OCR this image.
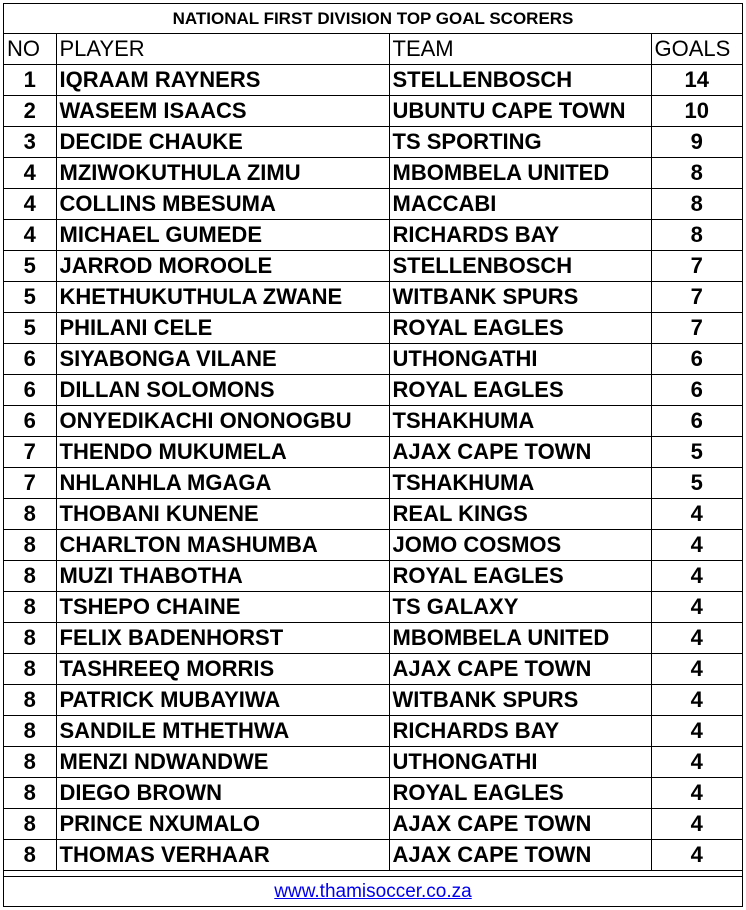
NATIONAL FIRST DIVISION TOP GOAL SCORERS
NO	PLAYER	TEAM	GOALS
1	IQRAAM RAYNERS	STELLENBOSCH	14
2	WASEEM ISAACS	UBUNTU CAPE TOWN	10
3	DECIDE CHAUKE	TS SPORTING	9
4	MZIWOKUTHULA ZIMU	MBOMBELA UNITED	8
4	COLLINS MBESUMA	MACCABI	8
4	MICHAEL GUMEDE	RICHARDS BAY	8
5	JARROD MOROOLE	STELLENBOSCH	7
5	KHETHUKUTHULA ZWANE	WITBANK SPURS	7
5	PHILANI CELE	ROYAL EAGLES	7
6	SIYABONGA VILANE	UTHONGATHI	6
6	DILLAN SOLOMONS	ROYAL EAGLES	6
6	ONYEDIKACHI ONONOGBU	TSHAKHUMA	6
7	THENDO MUKUMELA	AJAX CAPE TOWN	5
7	NHLANHLA MGAGA	TSHAKHUMA	5
8	THOBANI KUNENE	REAL KINGS	4
8	CHARLTON MASHUMBA	JOMO COSMOS	4
8	MUZI THABOTHA	ROYAL EAGLES	4
8	TSHEPO CHAINE	TS GALAXY	4
8	FELIX BADENHORST	MBOMBELA UNITED	4
8	TASHREEQ MORRIS	AJAX CAPE TOWN	4
8	PATRICK MUBAYIWA	WITBANK SPURS	4
8	SANDILE MTHETHWA	RICHARDS BAY	4
8	MENZI NDWANDWE	UTHONGATHI	4
8	DIEGO BROWN	ROYAL EAGLES	4
8	PRINCE NXUMALO	AJAX CAPE TOWN	4
8	THOMAS VERHAAR	AJAX CAPE TOWN	4
www.thamisoccer.co.za
